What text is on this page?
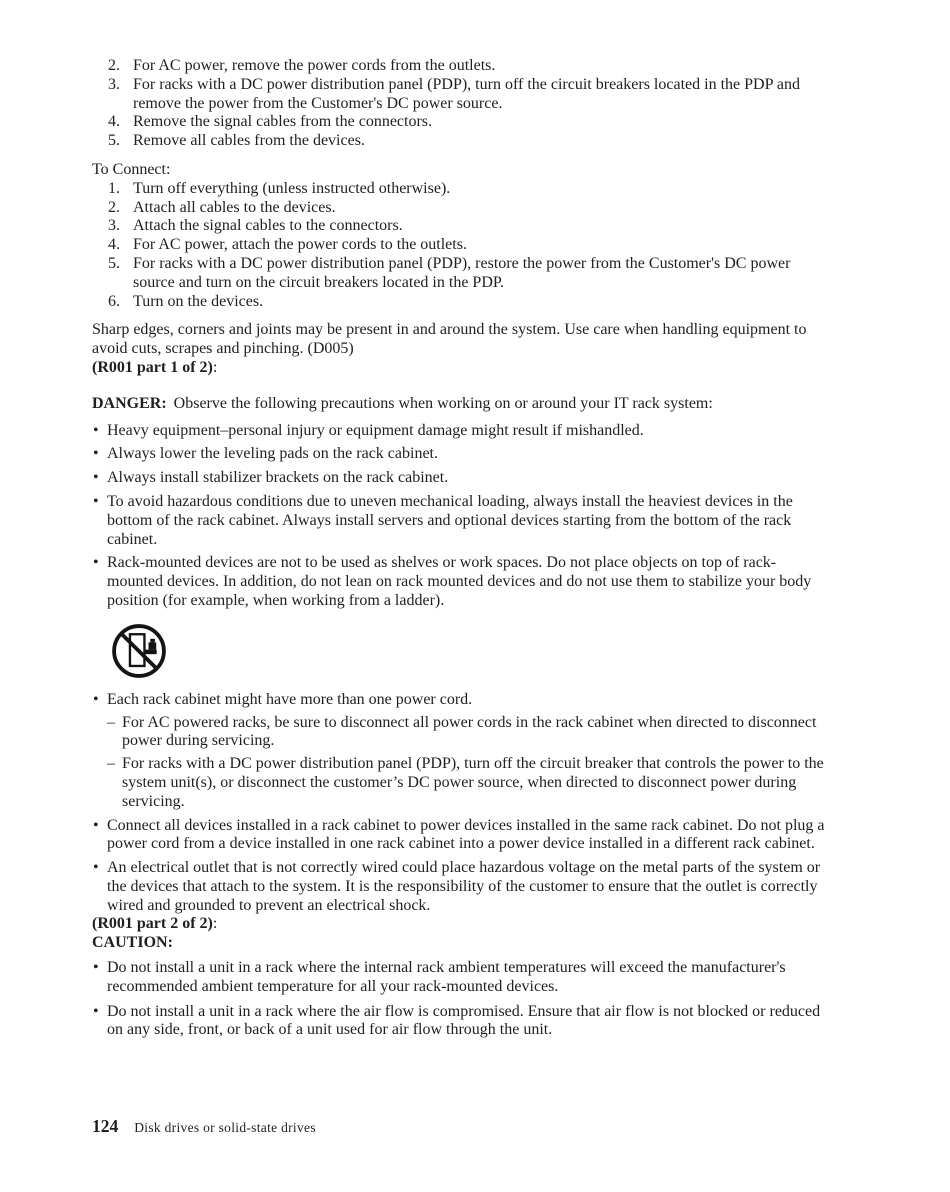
2. For AC power, remove the power cords from the outlets.
3. For racks with a DC power distribution panel (PDP), turn off the circuit breakers located in the PDP and remove the power from the Customer's DC power source.
4. Remove the signal cables from the connectors.
5. Remove all cables from the devices.

To Connect:

1. Turn off everything (unless instructed otherwise).
2. Attach all cables to the devices.
3. Attach the signal cables to the connectors.
4. For AC power, attach the power cords to the outlets.
5. For racks with a DC power distribution panel (PDP), restore the power from the Customer's DC power source and turn on the circuit breakers located in the PDP.
6. Turn on the devices.

Sharp edges, corners and joints may be present in and around the system. Use care when handling equipment to avoid cuts, scrapes and pinching. (D005)

(R001 part 1 of 2):

DANGER: Observe the following precautions when working on or around your IT rack system:

• Heavy equipment–personal injury or equipment damage might result if mishandled.
• Always lower the leveling pads on the rack cabinet.
• Always install stabilizer brackets on the rack cabinet.
• To avoid hazardous conditions due to uneven mechanical loading, always install the heaviest devices in the bottom of the rack cabinet. Always install servers and optional devices starting from the bottom of the rack cabinet.
• Rack-mounted devices are not to be used as shelves or work spaces. Do not place objects on top of rack-mounted devices. In addition, do not lean on rack mounted devices and do not use them to stabilize your body position (for example, when working from a ladder).
• Each rack cabinet might have more than one power cord.
– For AC powered racks, be sure to disconnect all power cords in the rack cabinet when directed to disconnect power during servicing.
– For racks with a DC power distribution panel (PDP), turn off the circuit breaker that controls the power to the system unit(s), or disconnect the customer’s DC power source, when directed to disconnect power during servicing.
• Connect all devices installed in a rack cabinet to power devices installed in the same rack cabinet. Do not plug a power cord from a device installed in one rack cabinet into a power device installed in a different rack cabinet.
• An electrical outlet that is not correctly wired could place hazardous voltage on the metal parts of the system or the devices that attach to the system. It is the responsibility of the customer to ensure that the outlet is correctly wired and grounded to prevent an electrical shock.

(R001 part 2 of 2):

CAUTION:

• Do not install a unit in a rack where the internal rack ambient temperatures will exceed the manufacturer's recommended ambient temperature for all your rack-mounted devices.
• Do not install a unit in a rack where the air flow is compromised. Ensure that air flow is not blocked or reduced on any side, front, or back of a unit used for air flow through the unit.
124 Disk drives or solid-state drives
